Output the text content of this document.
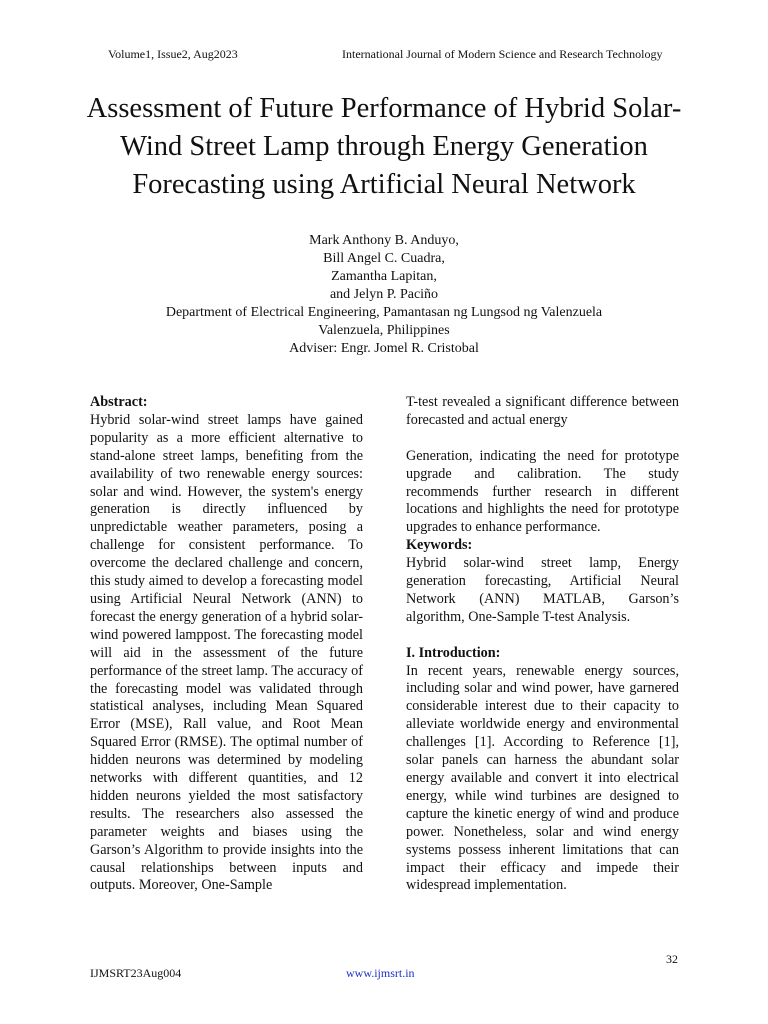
Volume1, Issue2, Aug2023	International Journal of Modern Science and Research Technology
Assessment of Future Performance of Hybrid Solar-Wind Street Lamp through Energy Generation Forecasting using Artificial Neural Network
Mark Anthony B. Anduyo,
Bill Angel C. Cuadra,
Zamantha Lapitan,
and Jelyn P. Paciño
Department of Electrical Engineering, Pamantasan ng Lungsod ng Valenzuela
Valenzuela, Philippines
Adviser: Engr. Jomel R. Cristobal

Abstract:

Hybrid solar-wind street lamps have gained popularity as a more efficient alternative to stand-alone street lamps, benefiting from the availability of two renewable energy sources: solar and wind. However, the system's energy generation is directly influenced by unpredictable weather parameters, posing a challenge for consistent performance. To overcome the declared challenge and concern, this study aimed to develop a forecasting model using Artificial Neural Network (ANN) to forecast the energy generation of a hybrid solar-wind powered lamppost. The forecasting model will aid in the assessment of the future performance of the street lamp. The accuracy of the forecasting model was validated through statistical analyses, including Mean Squared Error (MSE), Rall value, and Root Mean Squared Error (RMSE). The optimal number of hidden neurons was determined by modeling networks with different quantities, and 12 hidden neurons yielded the most satisfactory results. The researchers also assessed the parameter weights and biases using the Garson’s Algorithm to provide insights into the causal relationships between inputs and outputs. Moreover, One-Sample

T-test revealed a significant difference between forecasted and actual energy

Generation, indicating the need for prototype upgrade and calibration. The study recommends further research in different locations and highlights the need for prototype upgrades to enhance performance.

Keywords:

Hybrid solar-wind street lamp, Energy generation forecasting, Artificial Neural Network (ANN) MATLAB, Garson’s algorithm, One-Sample T-test Analysis.

I. Introduction:

In recent years, renewable energy sources, including solar and wind power, have garnered considerable interest due to their capacity to alleviate worldwide energy and environmental challenges [1]. According to Reference [1], solar panels can harness the abundant solar energy available and convert it into electrical energy, while wind turbines are designed to capture the kinetic energy of wind and produce power. Nonetheless, solar and wind energy systems possess inherent limitations that can impact their efficacy and impede their widespread implementation.

32
IJMSRT23Aug004	www.ijmsrt.in
